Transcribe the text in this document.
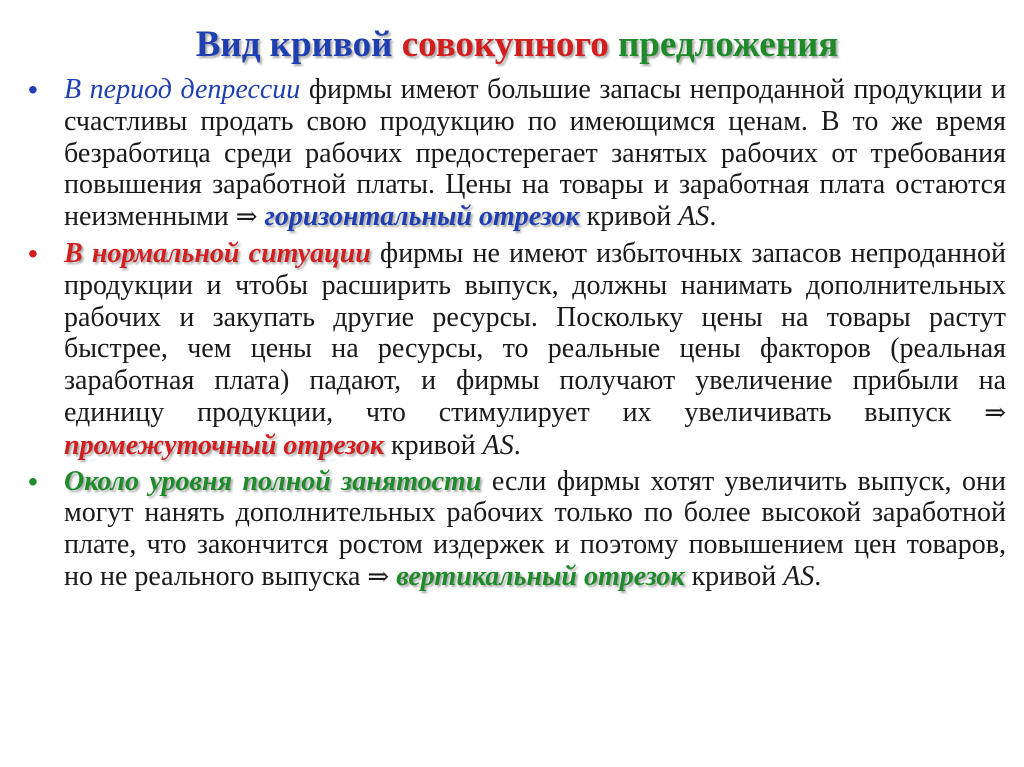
Вид кривой совокупного предложения
• В период депрессии фирмы имеют большие запасы непроданной продукции и счастливы продать свою продукцию по имеющимся ценам. В то же время безработица среди рабочих предостерегает занятых рабочих от требования повышения заработной платы. Цены на товары и заработная плата остаются неизменными ⇒ горизонтальный отрезок кривой AS.
• В нормальной ситуации фирмы не имеют избыточных запасов непроданной продукции и чтобы расширить выпуск, должны нанимать дополнительных рабочих и закупать другие ресурсы. Поскольку цены на товары растут быстрее, чем цены на ресурсы, то реальные цены факторов (реальная заработная плата) падают, и фирмы получают увеличение прибыли на единицу продукции, что стимулирует их увеличивать выпуск ⇒ промежуточный отрезок кривой AS.
• Около уровня полной занятости если фирмы хотят увеличить выпуск, они могут нанять дополнительных рабочих только по более высокой заработной плате, что закончится ростом издержек и поэтому повышением цен товаров, но не реального выпуска ⇒ вертикальный отрезок кривой AS.
